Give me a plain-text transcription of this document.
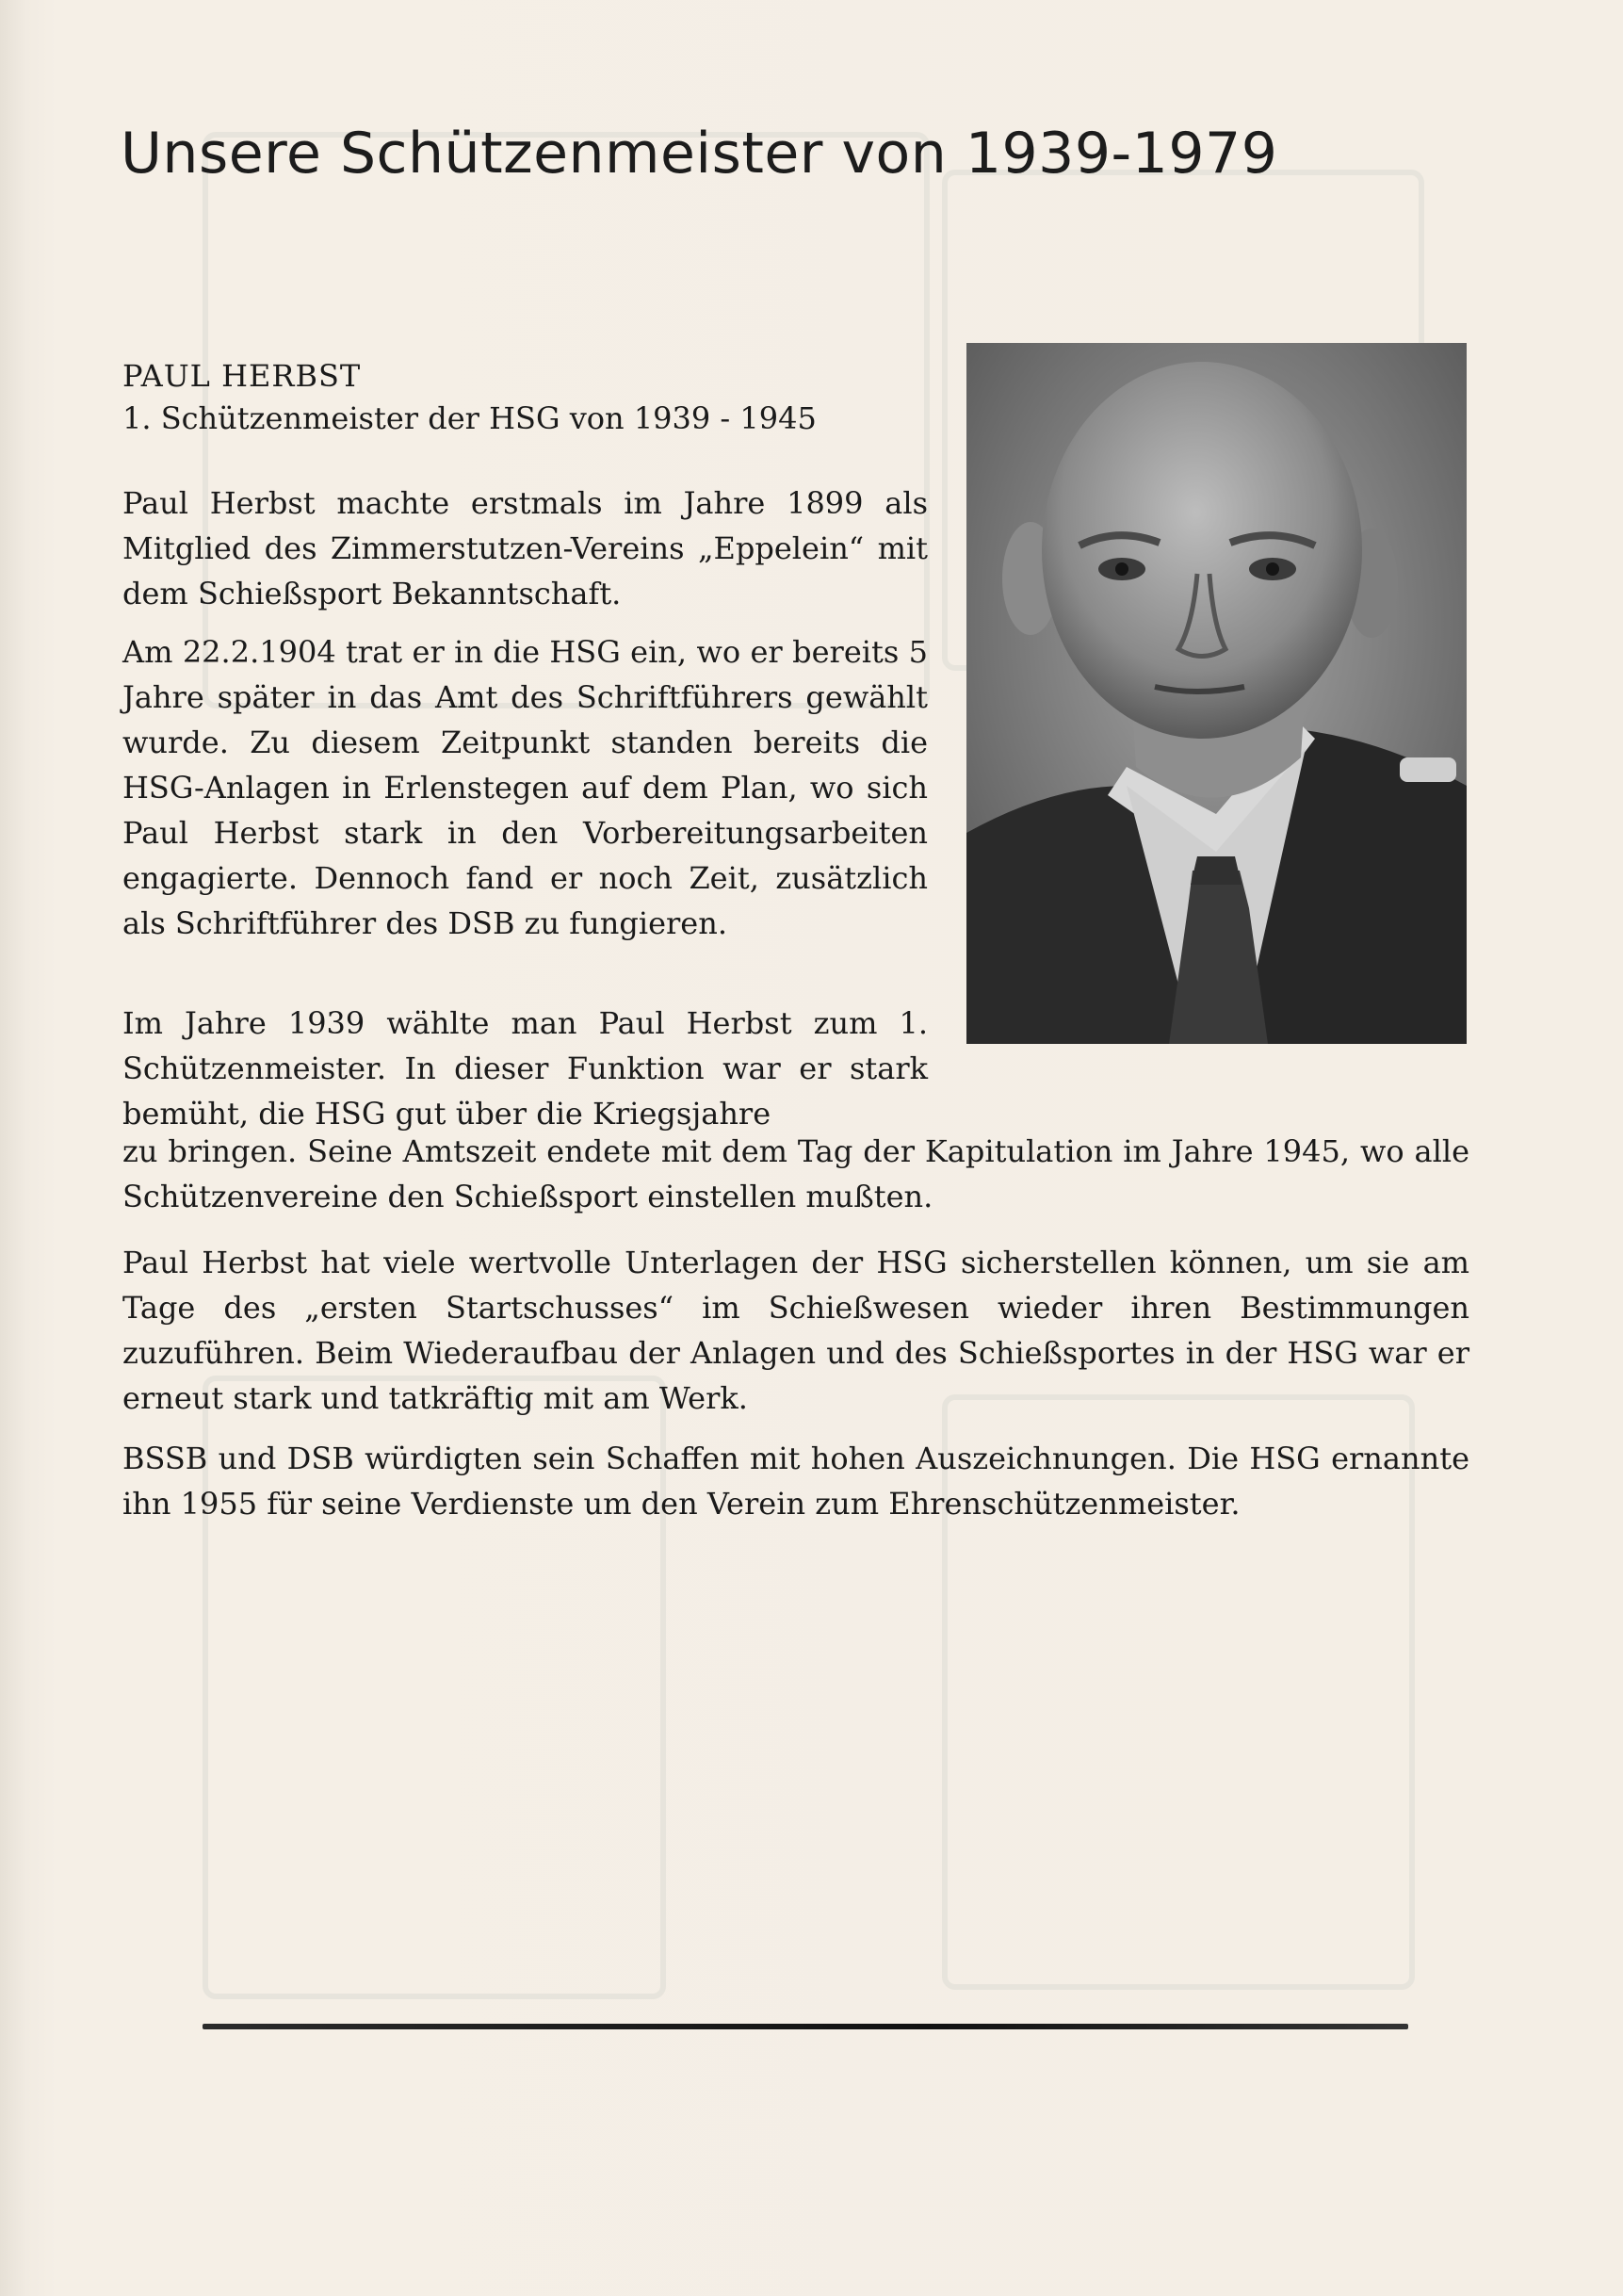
Unsere Schützenmeister von 1939-1979

PAUL HERBST

1. Schützenmeister der HSG von 1939 - 1945

Paul Herbst machte erstmals im Jahre 1899 als Mitglied des Zimmerstutzen-Vereins „Eppelein“ mit dem Schießsport Bekanntschaft.

Am 22.2.1904 trat er in die HSG ein, wo er bereits 5 Jahre später in das Amt des Schriftführers gewählt wurde. Zu diesem Zeitpunkt standen bereits die HSG-Anlagen in Erlenstegen auf dem Plan, wo sich Paul Herbst stark in den Vorbereitungsarbeiten engagierte. Dennoch fand er noch Zeit, zusätzlich als Schriftführer des DSB zu fungieren.

Im Jahre 1939 wählte man Paul Herbst zum 1. Schützenmeister. In dieser Funktion war er stark bemüht, die HSG gut über die Kriegsjahre

zu bringen. Seine Amtszeit endete mit dem Tag der Kapitulation im Jahre 1945, wo alle Schützenvereine den Schießsport einstellen mußten.

Paul Herbst hat viele wertvolle Unterlagen der HSG sicherstellen können, um sie am Tage des „ersten Startschusses“ im Schießwesen wieder ihren Bestimmungen zuzuführen. Beim Wiederaufbau der Anlagen und des Schießsportes in der HSG war er erneut stark und tatkräftig mit am Werk.

BSSB und DSB würdigten sein Schaffen mit hohen Auszeichnungen. Die HSG ernannte ihn 1955 für seine Verdienste um den Verein zum Ehrenschützenmeister.
